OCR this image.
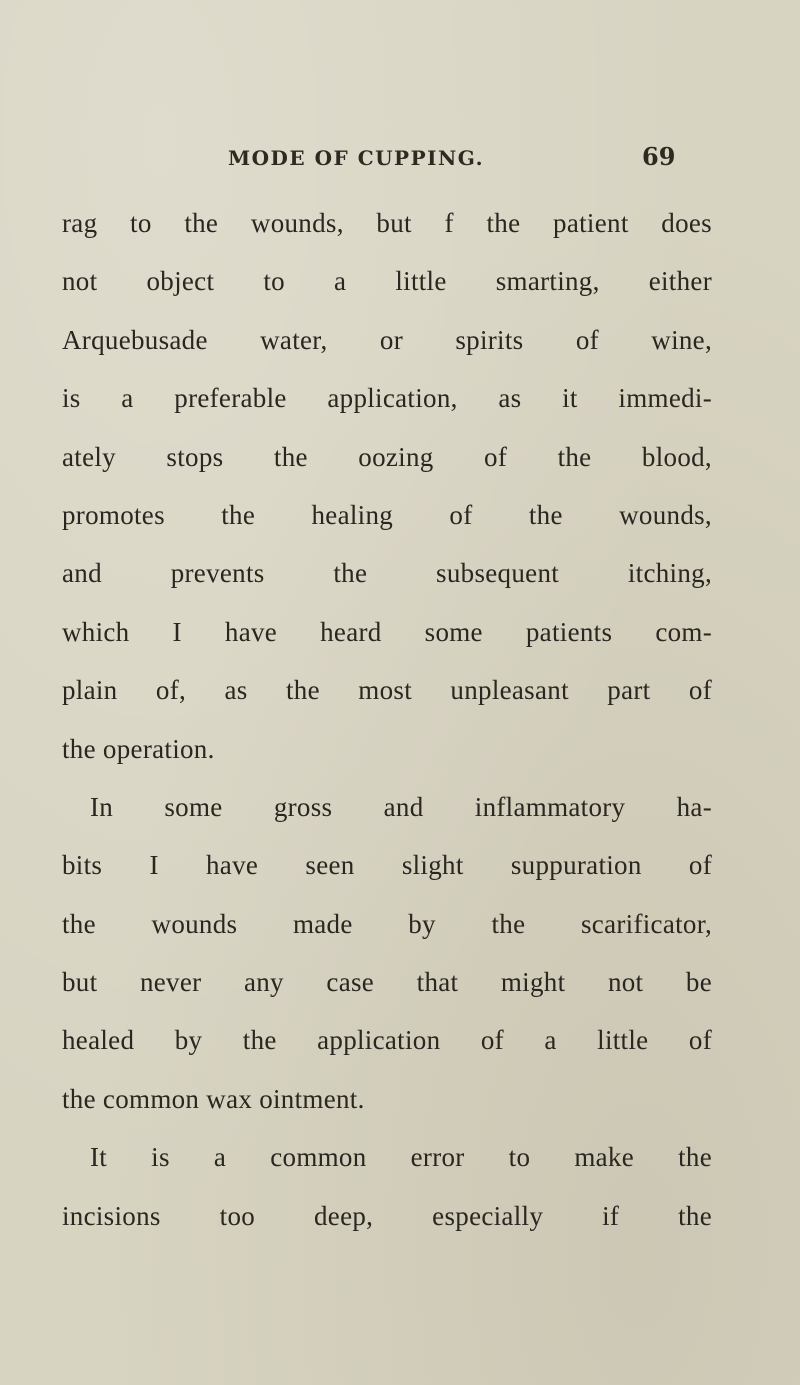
MODE OF CUPPING.	69
rag to the wounds, but f the patient does
not object to a little smarting, either
Arquebusade water, or spirits of wine,
is a preferable application, as it immedi-
ately stops the oozing of the blood,
promotes the healing of the wounds,
and prevents the subsequent itching,
which I have heard some patients com-
plain of, as the most unpleasant part of
the operation.
In some gross and inflammatory ha-
bits I have seen slight suppuration of
the wounds made by the scarificator,
but never any case that might not be
healed by the application of a little of
the common wax ointment.
It is a common error to make the
incisions too deep, especially if the
